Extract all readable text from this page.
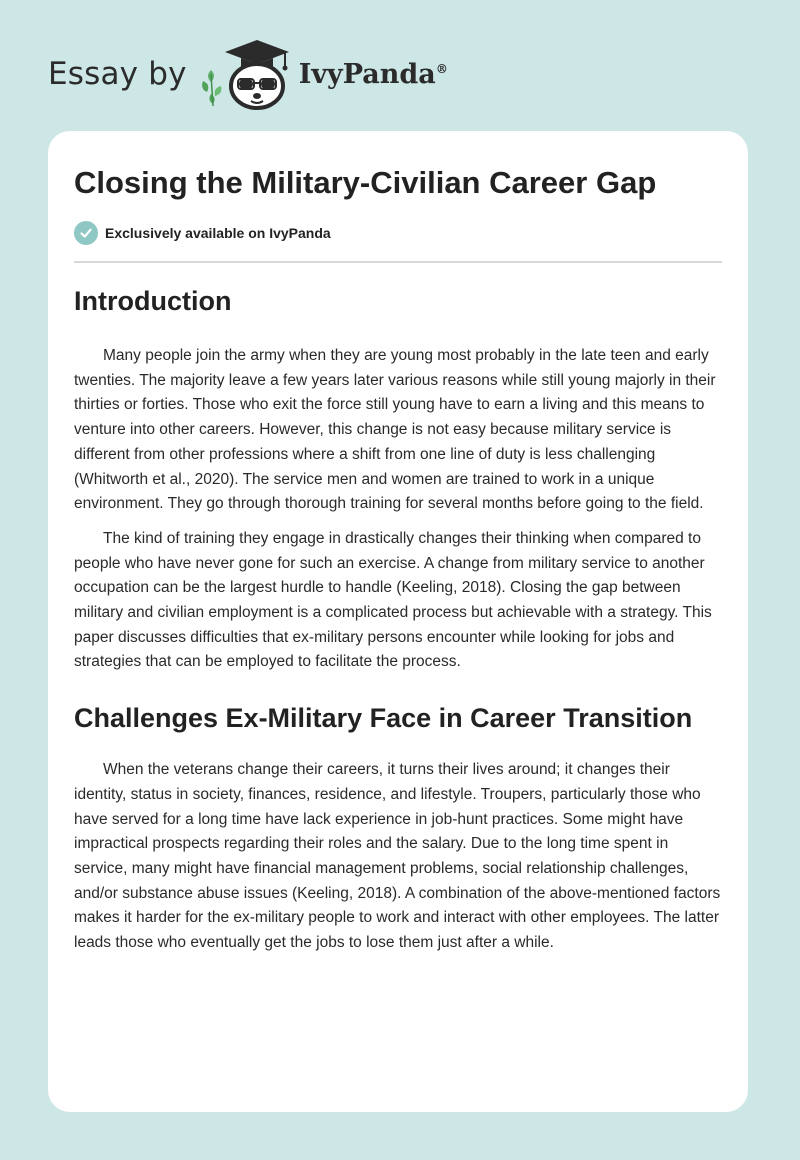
Essay by	IvyPanda®
Closing the Military-Civilian Career Gap
Exclusively available on IvyPanda
Introduction

Many people join the army when they are young most probably in the late teen and early twenties. The majority leave a few years later various reasons while still young majorly in their thirties or forties. Those who exit the force still young have to earn a living and this means to venture into other careers. However, this change is not easy because military service is different from other professions where a shift from one line of duty is less challenging (Whitworth et al., 2020). The service men and women are trained to work in a unique environment. They go through thorough training for several months before going to the field.

The kind of training they engage in drastically changes their thinking when compared to people who have never gone for such an exercise. A change from military service to another occupation can be the largest hurdle to handle (Keeling, 2018). Closing the gap between military and civilian employment is a complicated process but achievable with a strategy. This paper discusses difficulties that ex-military persons encounter while looking for jobs and strategies that can be employed to facilitate the process.

Challenges Ex-Military Face in Career Transition

When the veterans change their careers, it turns their lives around; it changes their identity, status in society, finances, residence, and lifestyle. Troupers, particularly those who have served for a long time have lack experience in job-hunt practices. Some might have impractical prospects regarding their roles and the salary. Due to the long time spent in service, many might have financial management problems, social relationship challenges, and/or substance abuse issues (Keeling, 2018). A combination of the above-mentioned factors makes it harder for the ex-military people to work and interact with other employees. The latter leads those who eventually get the jobs to lose them just after a while.
